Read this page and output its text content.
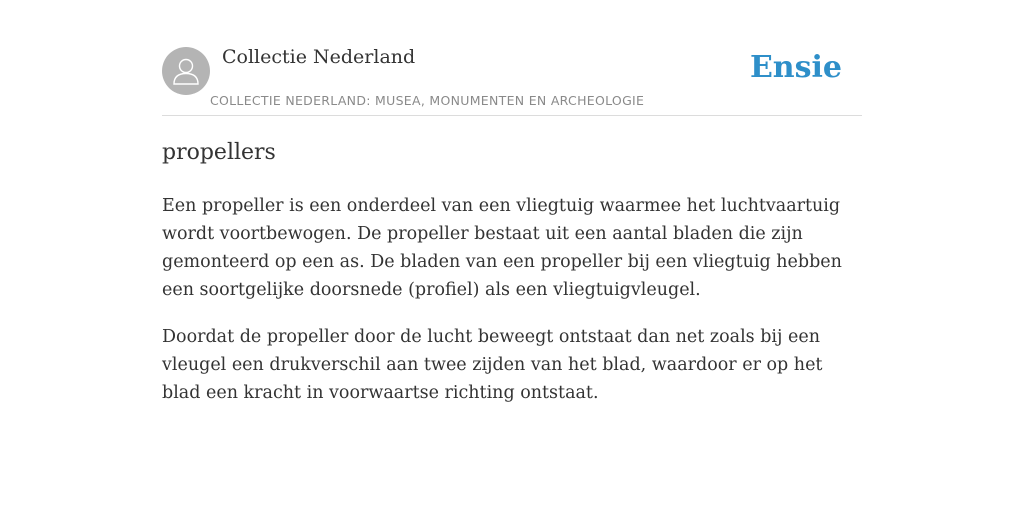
Collectie Nederland
COLLECTIE NEDERLAND: MUSEA, MONUMENTEN EN ARCHEOLOGIE
Ensie
propellers

Een propeller is een onderdeel van een vliegtuig waarmee het luchtvaartuig wordt voortbewogen. De propeller bestaat uit een aantal bladen die zijn gemonteerd op een as. De bladen van een propeller bij een vliegtuig hebben een soortgelijke doorsnede (profiel) als een vliegtuigvleugel.

Doordat de propeller door de lucht beweegt ontstaat dan net zoals bij een vleugel een drukverschil aan twee zijden van het blad, waardoor er op het blad een kracht in voorwaartse richting ontstaat.
